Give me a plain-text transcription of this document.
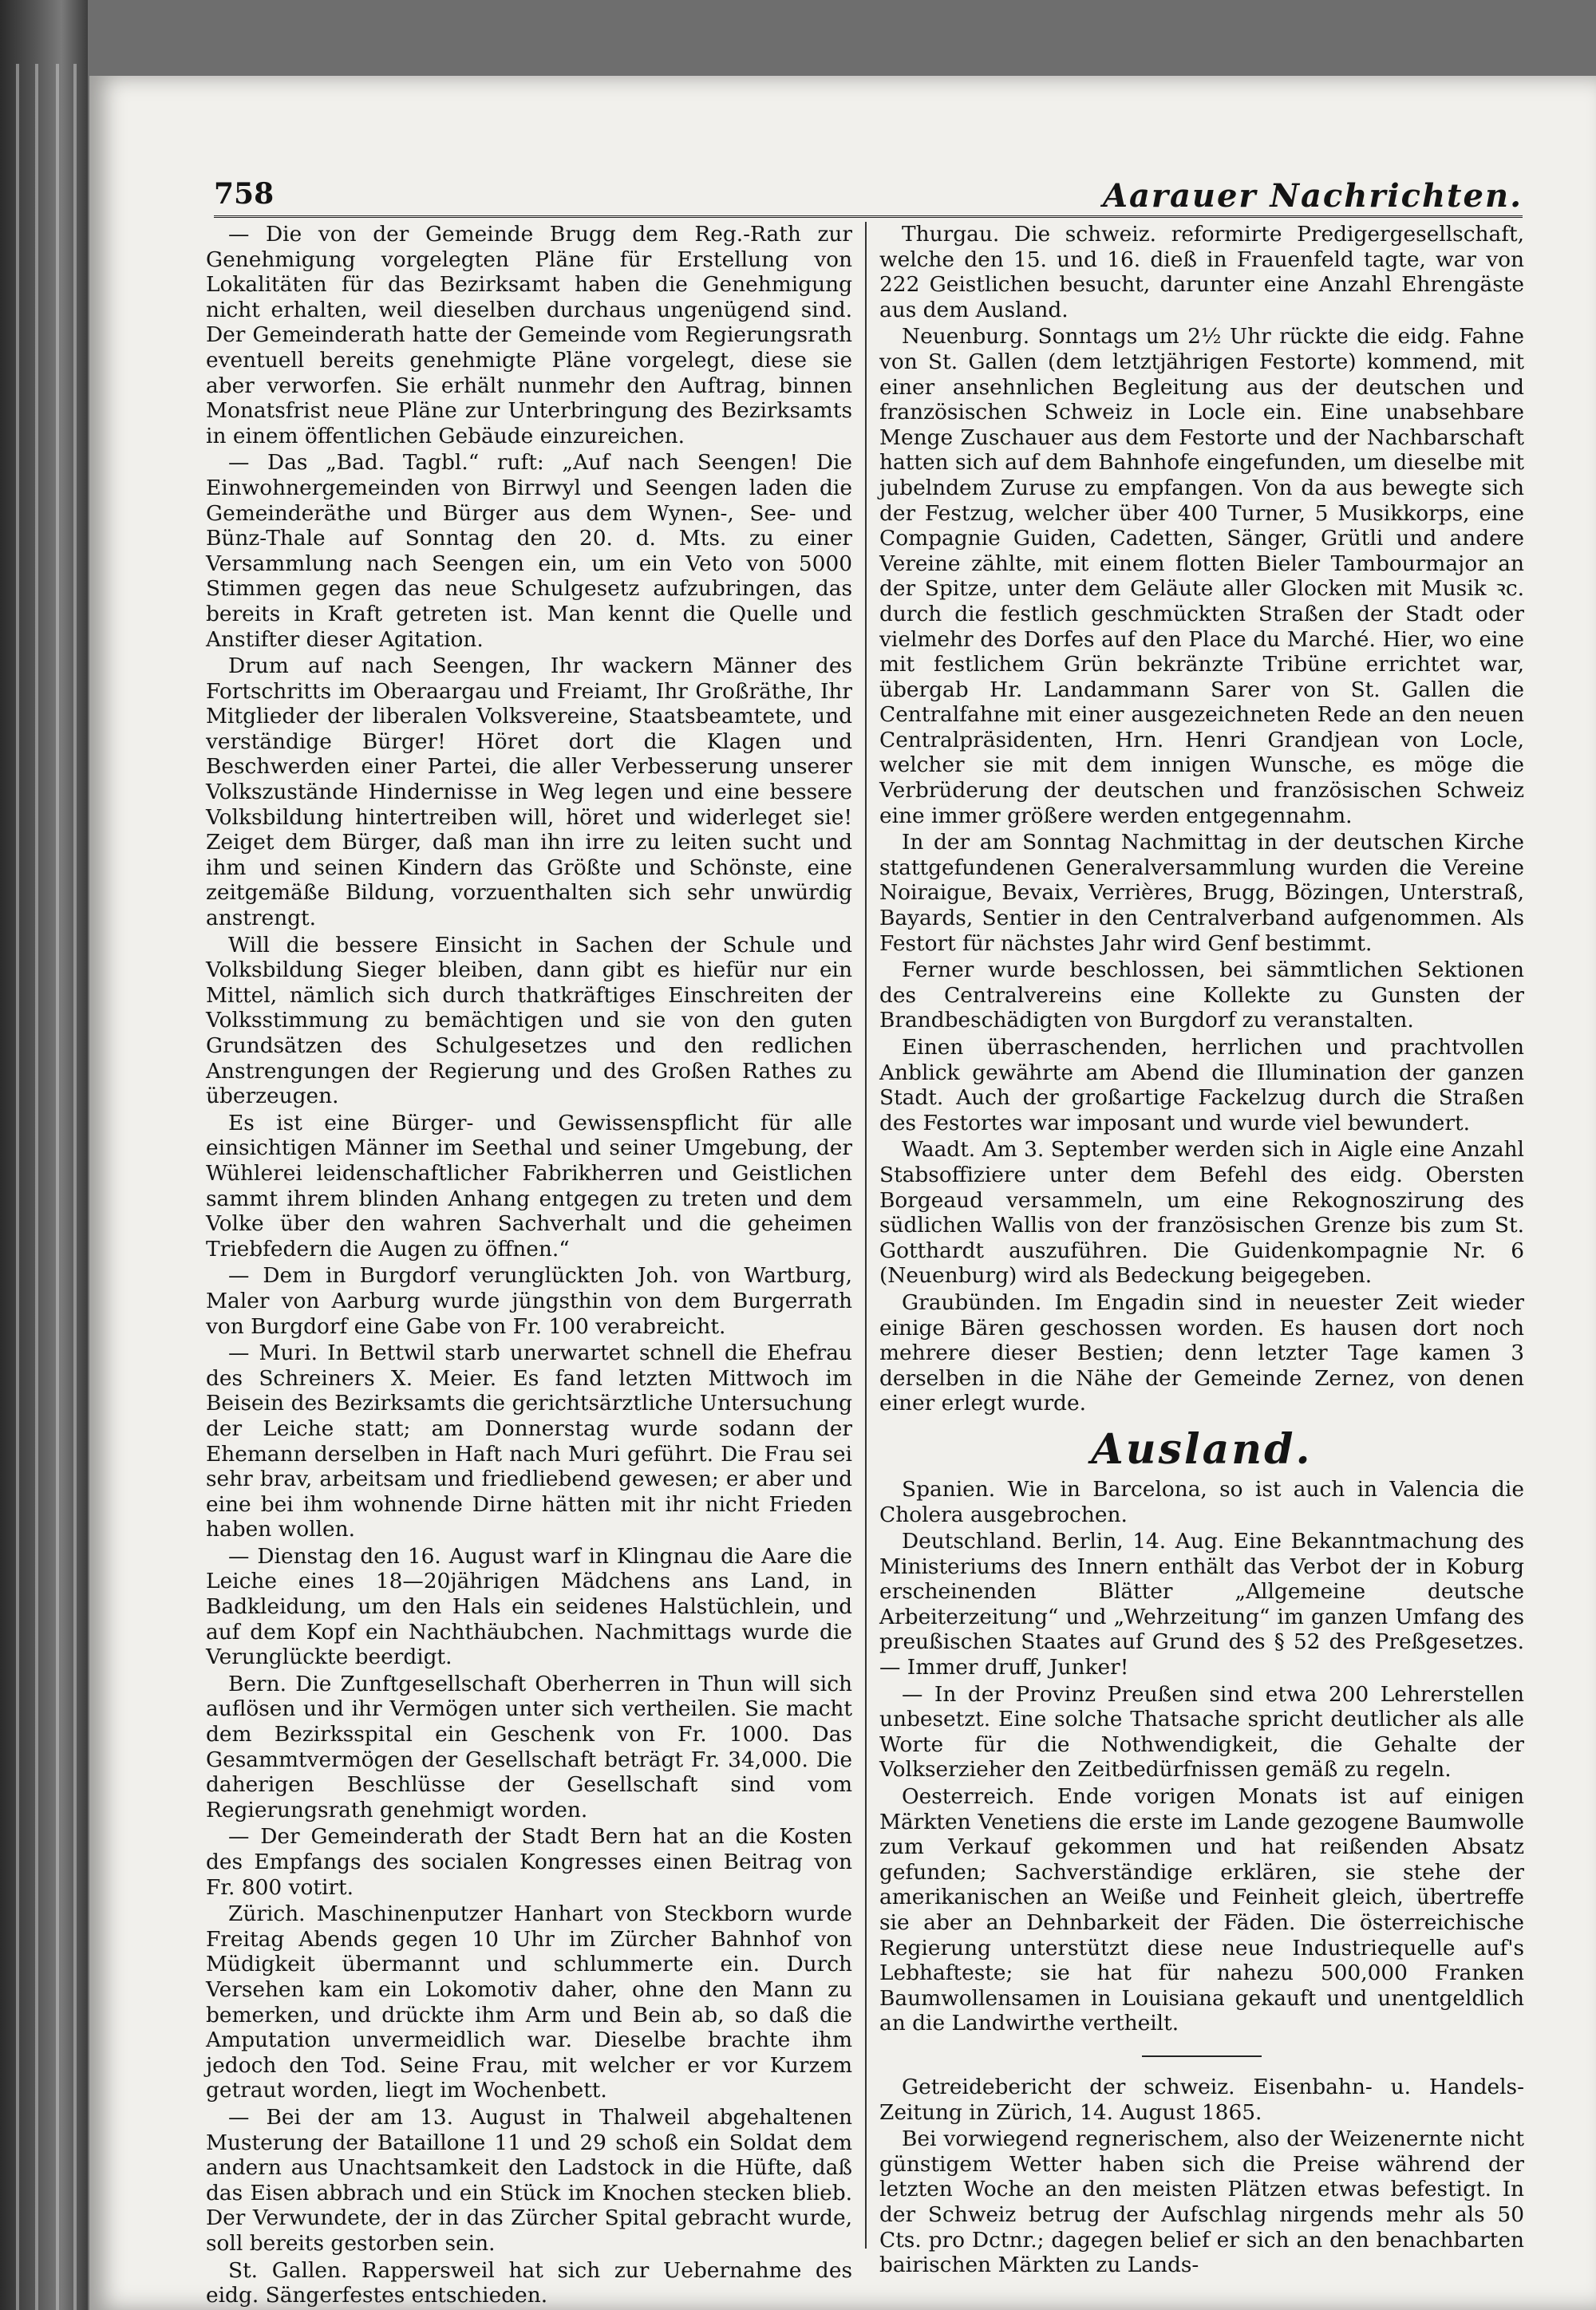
758	Aarauer Nachrichten.

— Die von der Gemeinde Brugg dem Reg.-Rath zur Genehmigung vorgelegten Pläne für Erstellung von Lokalitäten für das Bezirksamt haben die Genehmigung nicht erhalten, weil dieselben durchaus ungenügend sind. Der Gemeinderath hatte der Gemeinde vom Regierungsrath eventuell bereits genehmigte Pläne vorgelegt, diese sie aber verworfen. Sie erhält nunmehr den Auftrag, binnen Monatsfrist neue Pläne zur Unterbringung des Bezirksamts in einem öffentlichen Gebäude einzureichen.

— Das „Bad. Tagbl.“ ruft: „Auf nach Seengen! Die Einwohnergemeinden von Birrwyl und Seengen laden die Gemeinderäthe und Bürger aus dem Wynen-, See- und Bünz-Thale auf Sonntag den 20. d. Mts. zu einer Versammlung nach Seengen ein, um ein Veto von 5000 Stimmen gegen das neue Schulgesetz aufzubringen, das bereits in Kraft getreten ist. Man kennt die Quelle und Anstifter dieser Agitation.

Drum auf nach Seengen, Ihr wackern Männer des Fortschritts im Oberaargau und Freiamt, Ihr Großräthe, Ihr Mitglieder der liberalen Volksvereine, Staatsbeamtete, und verständige Bürger! Höret dort die Klagen und Beschwerden einer Partei, die aller Verbesserung unserer Volkszustände Hindernisse in Weg legen und eine bessere Volksbildung hintertreiben will, höret und widerleget sie! Zeiget dem Bürger, daß man ihn irre zu leiten sucht und ihm und seinen Kindern das Größte und Schönste, eine zeitgemäße Bildung, vorzuenthalten sich sehr unwürdig anstrengt.

Will die bessere Einsicht in Sachen der Schule und Volksbildung Sieger bleiben, dann gibt es hiefür nur ein Mittel, nämlich sich durch thatkräftiges Einschreiten der Volksstimmung zu bemächtigen und sie von den guten Grundsätzen des Schulgesetzes und den redlichen Anstrengungen der Regierung und des Großen Rathes zu überzeugen.

Es ist eine Bürger- und Gewissenspflicht für alle einsichtigen Männer im Seethal und seiner Umgebung, der Wühlerei leidenschaftlicher Fabrikherren und Geistlichen sammt ihrem blinden Anhang entgegen zu treten und dem Volke über den wahren Sachverhalt und die geheimen Triebfedern die Augen zu öffnen.“

— Dem in Burgdorf verunglückten Joh. von Wartburg, Maler von Aarburg wurde jüngsthin von dem Burgerrath von Burgdorf eine Gabe von Fr. 100 verabreicht.

— Muri. In Bettwil starb unerwartet schnell die Ehefrau des Schreiners X. Meier. Es fand letzten Mittwoch im Beisein des Bezirksamts die gerichtsärztliche Untersuchung der Leiche statt; am Donnerstag wurde sodann der Ehemann derselben in Haft nach Muri geführt. Die Frau sei sehr brav, arbeitsam und friedliebend gewesen; er aber und eine bei ihm wohnende Dirne hätten mit ihr nicht Frieden haben wollen.

— Dienstag den 16. August warf in Klingnau die Aare die Leiche eines 18—20jährigen Mädchens ans Land, in Badkleidung, um den Hals ein seidenes Halstüchlein, und auf dem Kopf ein Nachthäubchen. Nachmittags wurde die Verunglückte beerdigt.

Bern. Die Zunftgesellschaft Oberherren in Thun will sich auflösen und ihr Vermögen unter sich vertheilen. Sie macht dem Bezirksspital ein Geschenk von Fr. 1000. Das Gesammtvermögen der Gesellschaft beträgt Fr. 34,000. Die daherigen Beschlüsse der Gesellschaft sind vom Regierungsrath genehmigt worden.

— Der Gemeinderath der Stadt Bern hat an die Kosten des Empfangs des socialen Kongresses einen Beitrag von Fr. 800 votirt.

Zürich. Maschinenputzer Hanhart von Steckborn wurde Freitag Abends gegen 10 Uhr im Zürcher Bahnhof von Müdigkeit übermannt und schlummerte ein. Durch Versehen kam ein Lokomotiv daher, ohne den Mann zu bemerken, und drückte ihm Arm und Bein ab, so daß die Amputation unvermeidlich war. Dieselbe brachte ihm jedoch den Tod. Seine Frau, mit welcher er vor Kurzem getraut worden, liegt im Wochenbett.

— Bei der am 13. August in Thalweil abgehaltenen Musterung der Bataillone 11 und 29 schoß ein Soldat dem andern aus Unachtsamkeit den Ladstock in die Hüfte, daß das Eisen abbrach und ein Stück im Knochen stecken blieb. Der Verwundete, der in das Zürcher Spital gebracht wurde, soll bereits gestorben sein.

St. Gallen. Rappersweil hat sich zur Uebernahme des eidg. Sängerfestes entschieden.

Thurgau. Die schweiz. reformirte Predigergesellschaft, welche den 15. und 16. dieß in Frauenfeld tagte, war von 222 Geistlichen besucht, darunter eine Anzahl Ehrengäste aus dem Ausland.

Neuenburg. Sonntags um 2½ Uhr rückte die eidg. Fahne von St. Gallen (dem letztjährigen Festorte) kommend, mit einer ansehnlichen Begleitung aus der deutschen und französischen Schweiz in Locle ein. Eine unabsehbare Menge Zuschauer aus dem Festorte und der Nachbarschaft hatten sich auf dem Bahnhofe eingefunden, um dieselbe mit jubelndem Zuruse zu empfangen. Von da aus bewegte sich der Festzug, welcher über 400 Turner, 5 Musikkorps, eine Compagnie Guiden, Cadetten, Sänger, Grütli und andere Vereine zählte, mit einem flotten Bieler Tambourmajor an der Spitze, unter dem Geläute aller Glocken mit Musik ꝛc. durch die festlich geschmückten Straßen der Stadt oder vielmehr des Dorfes auf den Place du Marché. Hier, wo eine mit festlichem Grün bekränzte Tribüne errichtet war, übergab Hr. Landammann Sarer von St. Gallen die Centralfahne mit einer ausgezeichneten Rede an den neuen Centralpräsidenten, Hrn. Henri Grandjean von Locle, welcher sie mit dem innigen Wunsche, es möge die Verbrüderung der deutschen und französischen Schweiz eine immer größere werden entgegennahm.

In der am Sonntag Nachmittag in der deutschen Kirche stattgefundenen Generalversammlung wurden die Vereine Noiraigue, Bevaix, Verrières, Brugg, Bözingen, Unterstraß, Bayards, Sentier in den Centralverband aufgenommen. Als Festort für nächstes Jahr wird Genf bestimmt.

Ferner wurde beschlossen, bei sämmtlichen Sektionen des Centralvereins eine Kollekte zu Gunsten der Brandbeschädigten von Burgdorf zu veranstalten.

Einen überraschenden, herrlichen und prachtvollen Anblick gewährte am Abend die Illumination der ganzen Stadt. Auch der großartige Fackelzug durch die Straßen des Festortes war imposant und wurde viel bewundert.

Waadt. Am 3. September werden sich in Aigle eine Anzahl Stabsoffiziere unter dem Befehl des eidg. Obersten Borgeaud versammeln, um eine Rekognoszirung des südlichen Wallis von der französischen Grenze bis zum St. Gotthardt auszuführen. Die Guidenkompagnie Nr. 6 (Neuenburg) wird als Bedeckung beigegeben.

Graubünden. Im Engadin sind in neuester Zeit wieder einige Bären geschossen worden. Es hausen dort noch mehrere dieser Bestien; denn letzter Tage kamen 3 derselben in die Nähe der Gemeinde Zernez, von denen einer erlegt wurde.

Ausland.

Spanien. Wie in Barcelona, so ist auch in Valencia die Cholera ausgebrochen.

Deutschland. Berlin, 14. Aug. Eine Bekanntmachung des Ministeriums des Innern enthält das Verbot der in Koburg erscheinenden Blätter „Allgemeine deutsche Arbeiterzeitung“ und „Wehrzeitung“ im ganzen Umfang des preußischen Staates auf Grund des § 52 des Preßgesetzes. — Immer druff, Junker!

— In der Provinz Preußen sind etwa 200 Lehrerstellen unbesetzt. Eine solche Thatsache spricht deutlicher als alle Worte für die Nothwendigkeit, die Gehalte der Volkserzieher den Zeitbedürfnissen gemäß zu regeln.

Oesterreich. Ende vorigen Monats ist auf einigen Märkten Venetiens die erste im Lande gezogene Baumwolle zum Verkauf gekommen und hat reißenden Absatz gefunden; Sachverständige erklären, sie stehe der amerikanischen an Weiße und Feinheit gleich, übertreffe sie aber an Dehnbarkeit der Fäden. Die österreichische Regierung unterstützt diese neue Industriequelle auf's Lebhafteste; sie hat für nahezu 500,000 Franken Baumwollensamen in Louisiana gekauft und unentgeldlich an die Landwirthe vertheilt.

Getreidebericht der schweiz. Eisenbahn- u. Handels-Zeitung in Zürich, 14. August 1865.

Bei vorwiegend regnerischem, also der Weizenernte nicht günstigem Wetter haben sich die Preise während der letzten Woche an den meisten Plätzen etwas befestigt. In der Schweiz betrug der Aufschlag nirgends mehr als 50 Cts. pro Dctnr.; dagegen belief er sich an den benachbarten bairischen Märkten zu Lands-
